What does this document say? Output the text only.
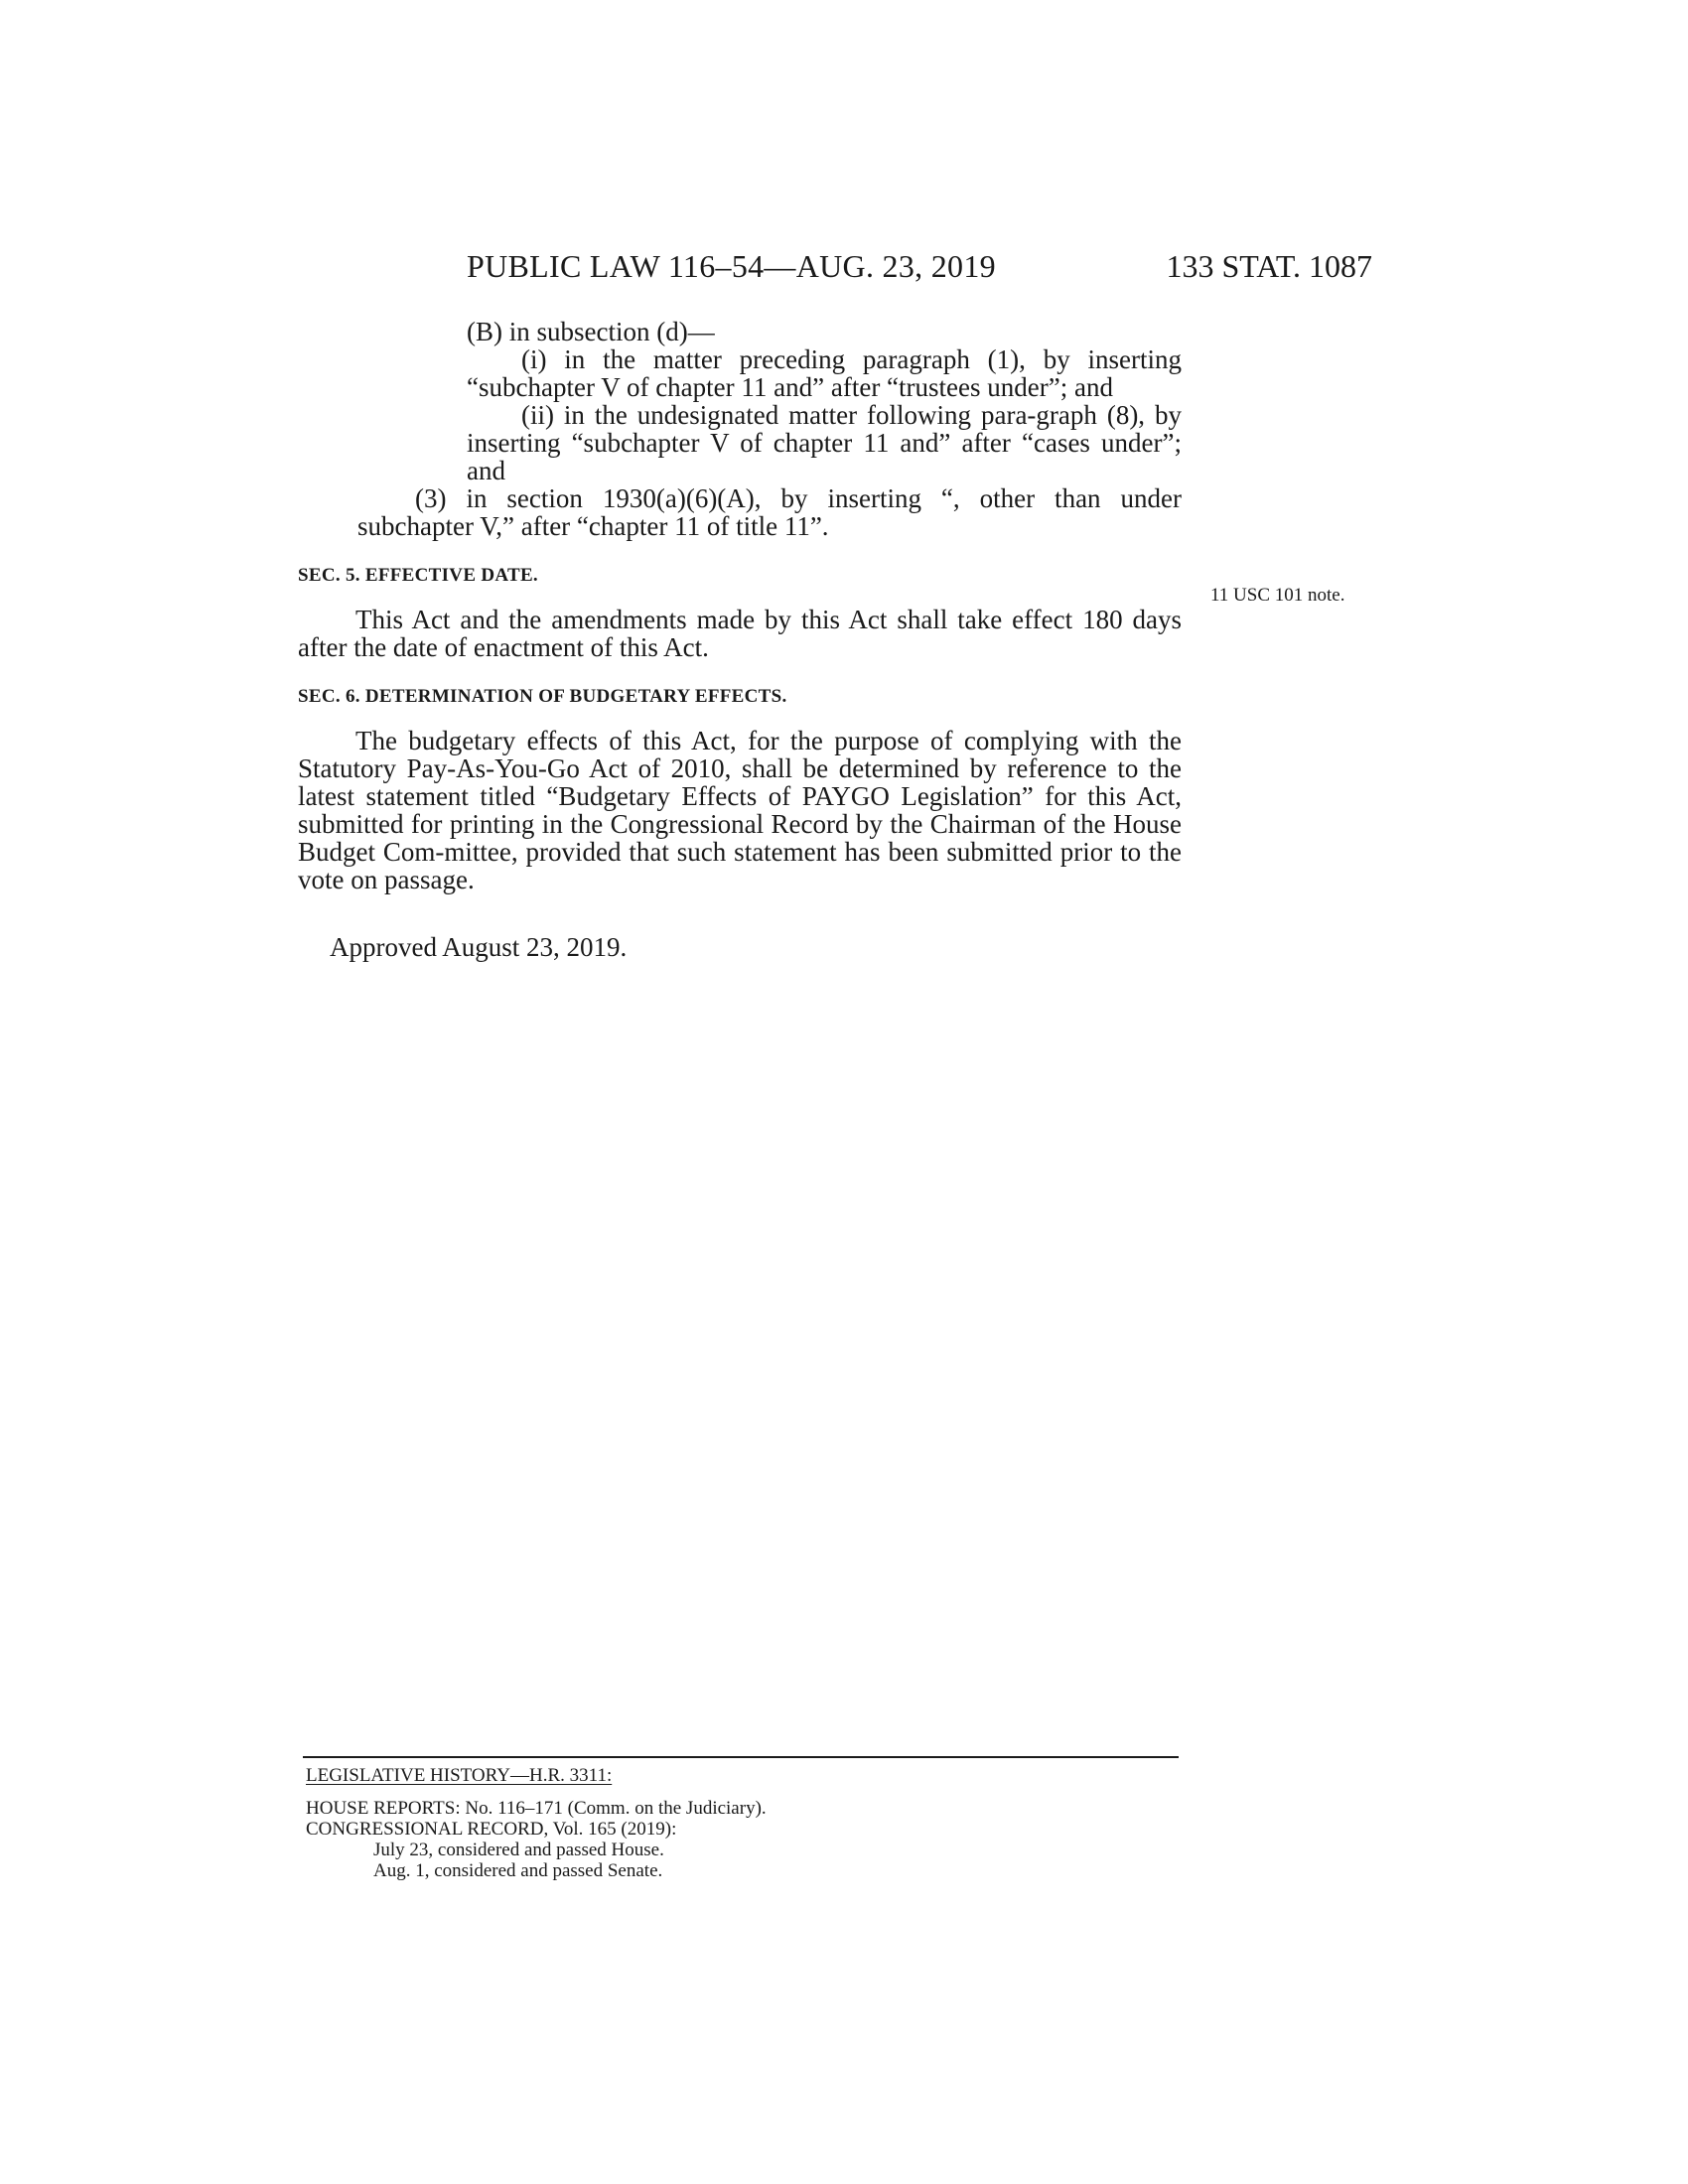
PUBLIC LAW 116–54—AUG. 23, 2019	133 STAT. 1087

(B) in subsection (d)—

(i) in the matter preceding paragraph (1), by inserting “subchapter V of chapter 11 and” after “trustees under”; and

(ii) in the undesignated matter following para-graph (8), by inserting “subchapter V of chapter 11 and” after “cases under”; and

(3) in section 1930(a)(6)(A), by inserting “, other than under subchapter V,” after “chapter 11 of title 11”.

SEC. 5. EFFECTIVE DATE.

This Act and the amendments made by this Act shall take effect 180 days after the date of enactment of this Act.

SEC. 6. DETERMINATION OF BUDGETARY EFFECTS.

The budgetary effects of this Act, for the purpose of complying with the Statutory Pay-As-You-Go Act of 2010, shall be determined by reference to the latest statement titled “Budgetary Effects of PAYGO Legislation” for this Act, submitted for printing in the Congressional Record by the Chairman of the House Budget Com-mittee, provided that such statement has been submitted prior to the vote on passage.

Approved August 23, 2019.

11 USC 101 note.

LEGISLATIVE HISTORY—H.R. 3311:

HOUSE REPORTS: No. 116–171 (Comm. on the Judiciary).

CONGRESSIONAL RECORD, Vol. 165 (2019):

July 23, considered and passed House.

Aug. 1, considered and passed Senate.
